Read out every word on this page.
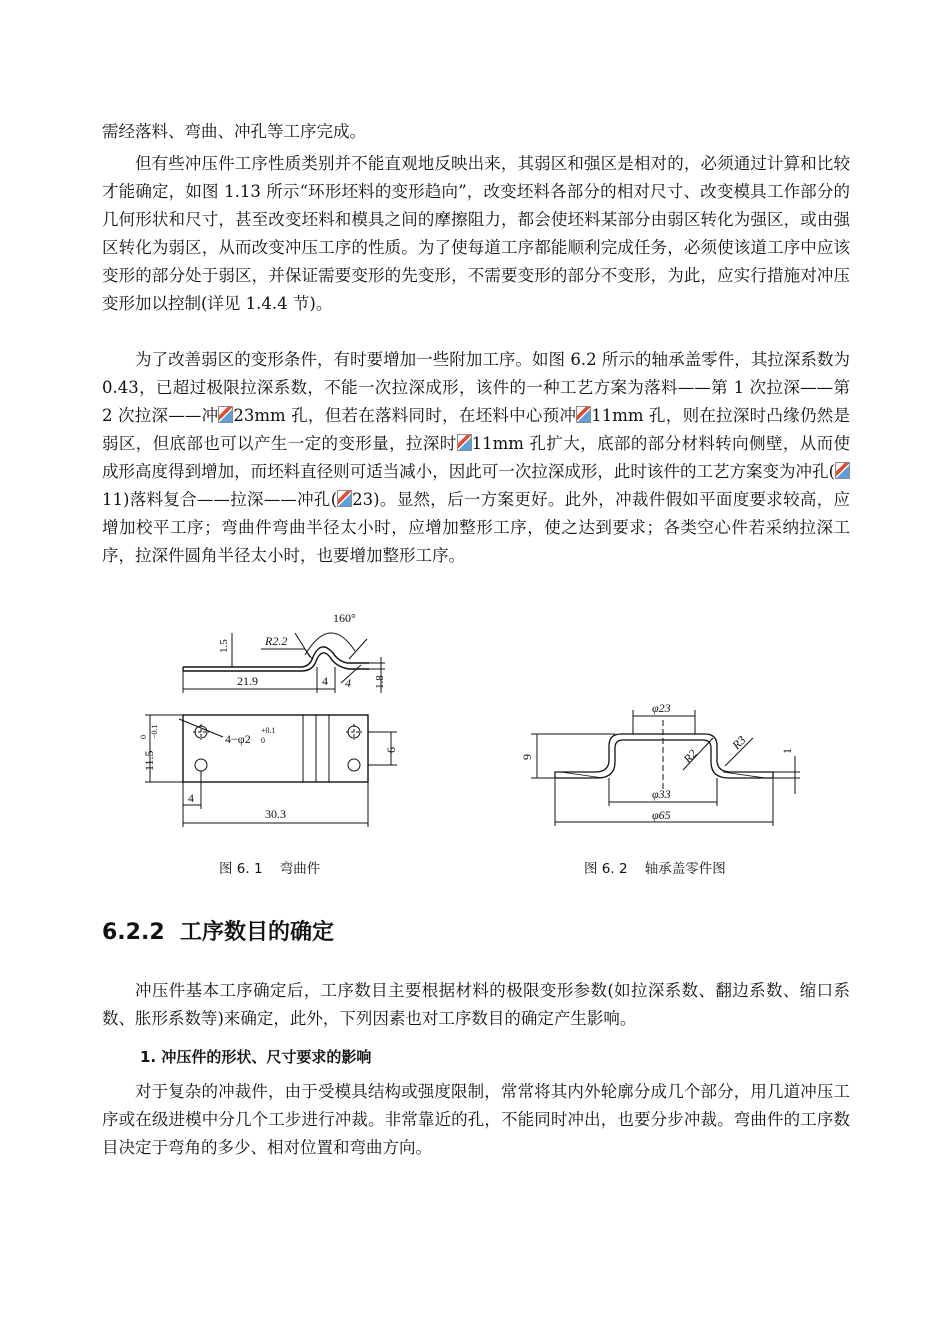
需经落料、弯曲、冲孔等工序完成。

但有些冲压件工序性质类别并不能直观地反映出来，其弱区和强区是相对的，必须通过计算和比较才能确定，如图 1.13 所示“环形坯料的变形趋向”，改变坯料各部分的相对尺寸、改变模具工作部分的几何形状和尺寸，甚至改变坯料和模具之间的摩擦阻力，都会使坯料某部分由弱区转化为强区，或由强区转化为弱区，从而改变冲压工序的性质。为了使每道工序都能顺利完成任务，必须使该道工序中应该变形的部分处于弱区，并保证需要变形的先变形，不需要变形的部分不变形，为此，应实行措施对冲压变形加以控制(详见 1.4.4 节)。

为了改善弱区的变形条件，有时要增加一些附加工序。如图 6.2 所示的轴承盖零件，其拉深系数为 0.43，已超过极限拉深系数，不能一次拉深成形，该件的一种工艺方案为落料——第 1 次拉深——第 2 次拉深——冲 23mm 孔，但若在落料同时，在坯料中心预冲 11mm 孔，则在拉深时凸缘仍然是弱区，但底部也可以产生一定的变形量，拉深时 11mm 孔扩大，底部的部分材料转向侧壁，从而使成形高度得到增加，而坯料直径则可适当减小，因此可一次拉深成形，此时该件的工艺方案变为冲孔(11)落料复合——拉深——冲孔( 23)。显然，后一方案更好。此外，冲裁件假如平面度要求较高，应增加校平工序；弯曲件弯曲半径太小时，应增加整形工序，使之达到要求；各类空心件若采纳拉深工序，拉深件圆角半径太小时，也要增加整形工序。

160°
R2.2
1.5
21.9	4 4 1.8
4−φ2
+0.1
0
11.5
0 −0.1
6
4
30.3
φ23
R2
R3
9
1
φ33
φ65
图 6. 1    弯曲件	图 6. 2    轴承盖零件图
6.2.2  工序数目的确定

冲压件基本工序确定后，工序数目主要根据材料的极限变形参数(如拉深系数、翻边系数、缩口系数、胀形系数等)来确定，此外，下列因素也对工序数目的确定产生影响。

1. 冲压件的形状、尺寸要求的影响

对于复杂的冲裁件，由于受模具结构或强度限制，常常将其内外轮廓分成几个部分，用几道冲压工序或在级进模中分几个工步进行冲裁。非常靠近的孔，不能同时冲出，也要分步冲裁。弯曲件的工序数目决定于弯角的多少、相对位置和弯曲方向。
